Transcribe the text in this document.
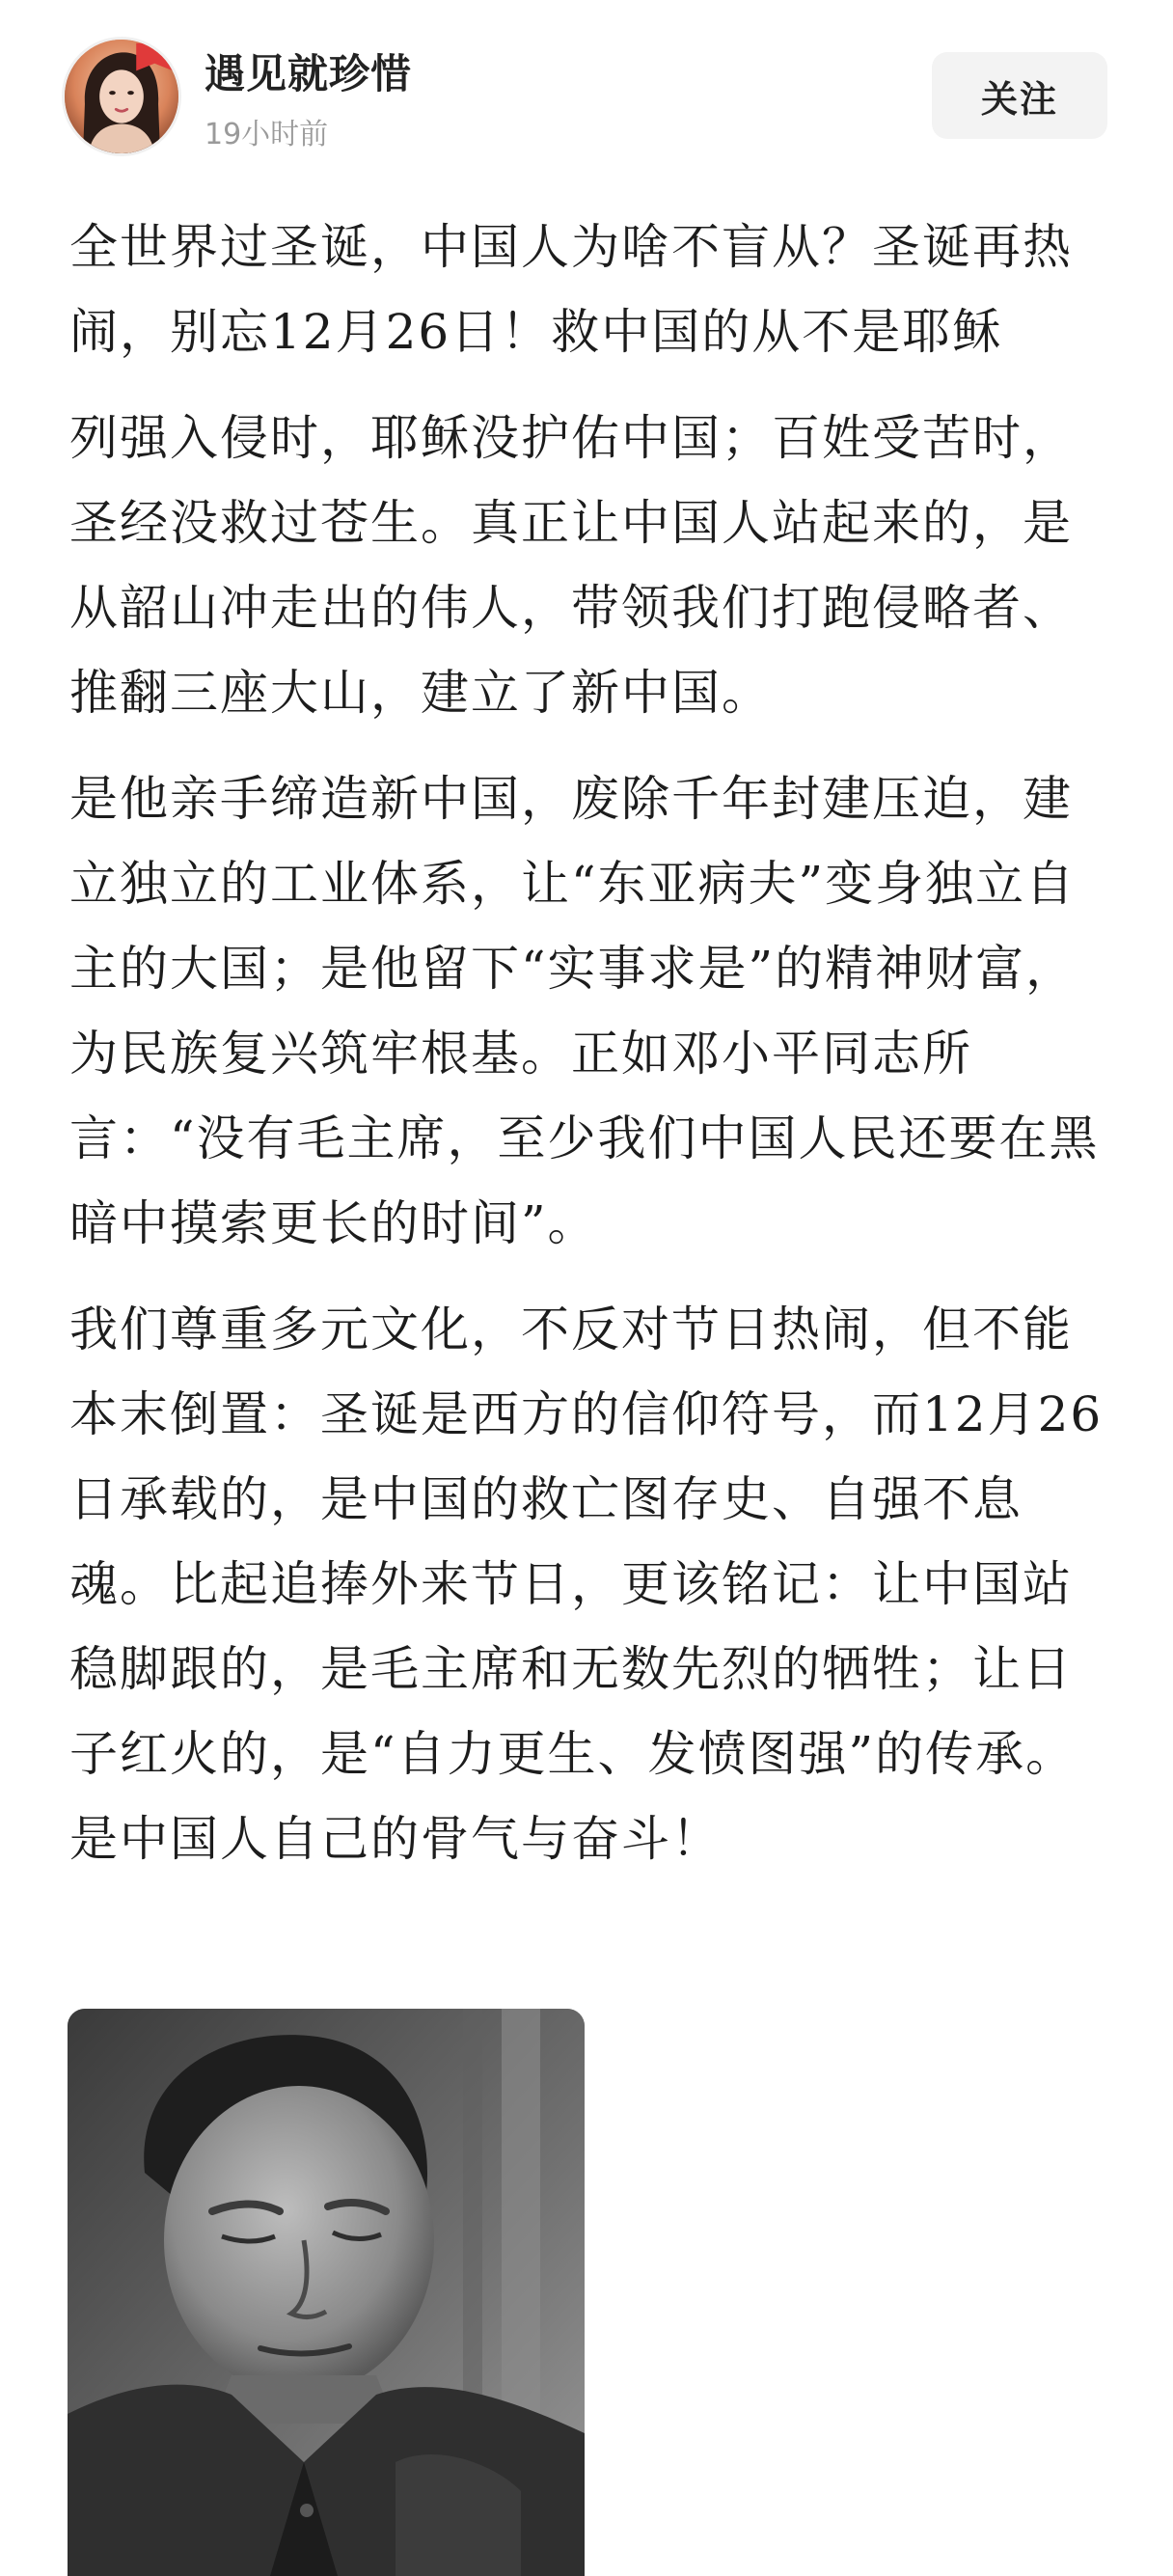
遇见就珍惜
19小时前
关注

全世界过圣诞，中国人为啥不盲从？圣诞再热闹，别忘12月26日！救中国的从不是耶稣

列强入侵时，耶稣没护佑中国；百姓受苦时，圣经没救过苍生。真正让中国人站起来的，是从韶山冲走出的伟人，带领我们打跑侵略者、推翻三座大山，建立了新中国。

是他亲手缔造新中国，废除千年封建压迫，建立独立的工业体系，让“东亚病夫”变身独立自主的大国；是他留下“实事求是”的精神财富，为民族复兴筑牢根基。正如邓小平同志所言：“没有毛主席，至少我们中国人民还要在黑暗中摸索更长的时间”。

我们尊重多元文化，不反对节日热闹，但不能本末倒置：圣诞是西方的信仰符号，而12月26日承载的，是中国的救亡图存史、自强不息魂。比起追捧外来节日，更该铭记：让中国站稳脚跟的，是毛主席和无数先烈的牺牲；让日子红火的，是“自力更生、发愤图强”的传承。是中国人自己的骨气与奋斗！
